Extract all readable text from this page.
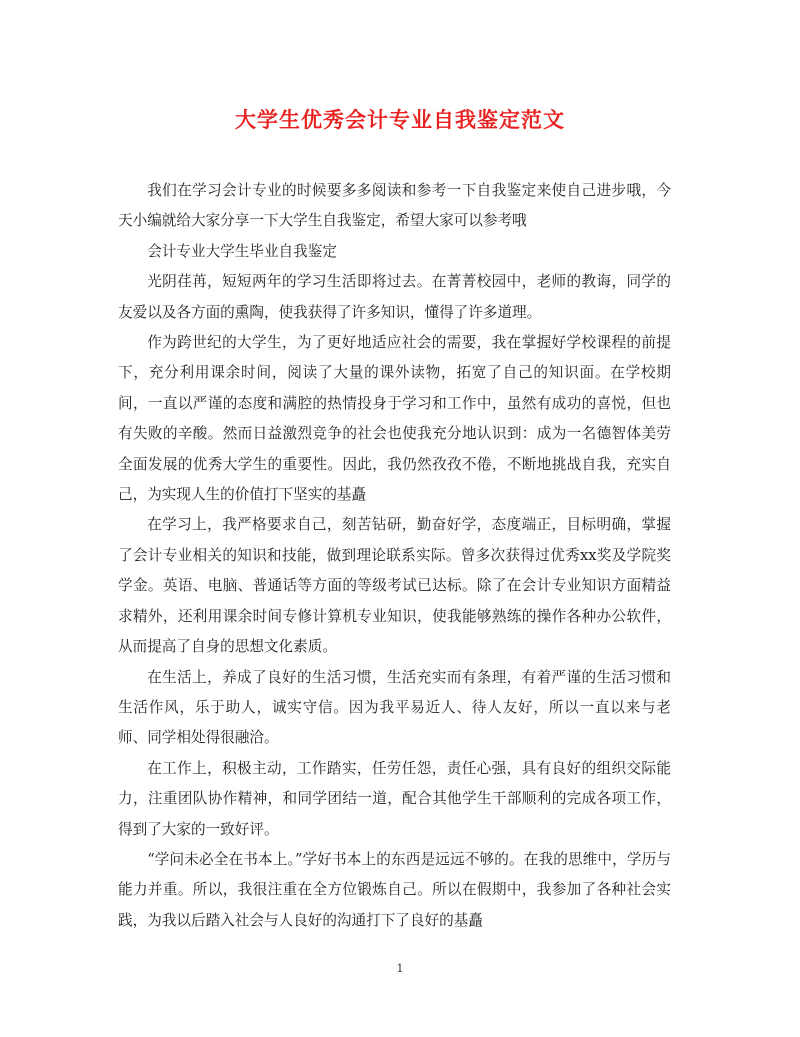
大学生优秀会计专业自我鉴定范文

我们在学习会计专业的时候要多多阅读和参考一下自我鉴定来使自己进步哦，今天小编就给大家分享一下大学生自我鉴定，希望大家可以参考哦

会计专业大学生毕业自我鉴定

光阴荏苒，短短两年的学习生活即将过去。在菁菁校园中，老师的教诲，同学的友爱以及各方面的熏陶，使我获得了许多知识，懂得了许多道理。

作为跨世纪的大学生，为了更好地适应社会的需要，我在掌握好学校课程的前提下，充分利用课余时间，阅读了大量的课外读物，拓宽了自己的知识面。在学校期间，一直以严谨的态度和满腔的热情投身于学习和工作中，虽然有成功的喜悦，但也有失败的辛酸。然而日益激烈竞争的社会也使我充分地认识到：成为一名德智体美劳全面发展的优秀大学生的重要性。因此，我仍然孜孜不倦，不断地挑战自我，充实自己，为实现人生的价值打下坚实的基矗

在学习上，我严格要求自己，刻苦钻研，勤奋好学，态度端正，目标明确，掌握了会计专业相关的知识和技能，做到理论联系实际。曾多次获得过优秀xx奖及学院奖学金。英语、电脑、普通话等方面的等级考试已达标。除了在会计专业知识方面精益求精外，还利用课余时间专修计算机专业知识，使我能够熟练的操作各种办公软件，从而提高了自身的思想文化素质。

在生活上，养成了良好的生活习惯，生活充实而有条理，有着严谨的生活习惯和生活作风，乐于助人，诚实守信。因为我平易近人、待人友好，所以一直以来与老师、同学相处得很融洽。

在工作上，积极主动，工作踏实，任劳任怨，责任心强，具有良好的组织交际能力，注重团队协作精神，和同学团结一道，配合其他学生干部顺利的完成各项工作，得到了大家的一致好评。

“学问未必全在书本上。”学好书本上的东西是远远不够的。在我的思维中，学历与能力并重。所以，我很注重在全方位锻炼自己。所以在假期中，我参加了各种社会实践，为我以后踏入社会与人良好的沟通打下了良好的基矗

1
